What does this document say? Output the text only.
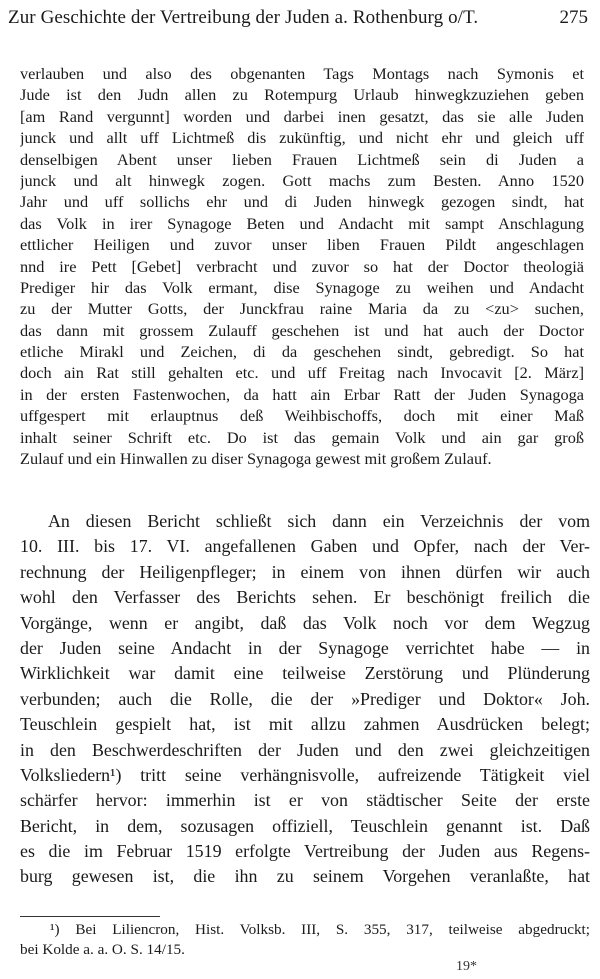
Zur Geschichte der Vertreibung der Juden a. Rothenburg o/T.	275
verlauben und also des obgenanten Tags Montags nach Symonis et
Jude ist den Judn allen zu Rotempurg Urlaub hinwegkzuziehen geben
[am Rand vergunnt] worden und darbei inen gesatzt, das sie alle Juden
junck und allt uff Lichtmeß dis zukünftig, und nicht ehr und gleich uff
denselbigen Abent unser lieben Frauen Lichtmeß sein di Juden a
junck und alt hinwegk zogen. Gott machs zum Besten. Anno 1520
Jahr und uff sollichs ehr und di Juden hinwegk gezogen sindt, hat
das Volk in irer Synagoge Beten und Andacht mit sampt Anschlagung
ettlicher Heiligen und zuvor unser liben Frauen Pildt angeschlagen
nnd ire Pett [Gebet] verbracht und zuvor so hat der Doctor theologiä
Prediger hir das Volk ermant, dise Synagoge zu weihen und Andacht
zu der Mutter Gotts, der Junckfrau raine Maria da zu <zu> suchen,
das dann mit grossem Zulauff geschehen ist und hat auch der Doctor
etliche Mirakl und Zeichen, di da geschehen sindt, gebredigt. So hat
doch ain Rat still gehalten etc. und uff Freitag nach Invocavit [2. März]
in der ersten Fastenwochen, da hatt ain Erbar Ratt der Juden Synagoga
uffgespert mit erlauptnus deß Weihbischoffs, doch mit einer Maß
inhalt seiner Schrift etc. Do ist das gemain Volk und ain gar groß
Zulauf und ein Hinwallen zu diser Synagoga gewest mit großem Zulauf.
An diesen Bericht schließt sich dann ein Verzeichnis der vom
10. III. bis 17. VI. angefallenen Gaben und Opfer, nach der Ver-
rechnung der Heiligenpfleger; in einem von ihnen dürfen wir auch
wohl den Verfasser des Berichts sehen. Er beschönigt freilich die
Vorgänge, wenn er angibt, daß das Volk noch vor dem Wegzug
der Juden seine Andacht in der Synagoge verrichtet habe — in
Wirklichkeit war damit eine teilweise Zerstörung und Plünderung
verbunden; auch die Rolle, die der »Prediger und Doktor« Joh.
Teuschlein gespielt hat, ist mit allzu zahmen Ausdrücken belegt;
in den Beschwerdeschriften der Juden und den zwei gleichzeitigen
Volksliedern¹) tritt seine verhängnisvolle, aufreizende Tätigkeit viel
schärfer hervor: immerhin ist er von städtischer Seite der erste
Bericht, in dem, sozusagen offiziell, Teuschlein genannt ist. Daß
es die im Februar 1519 erfolgte Vertreibung der Juden aus Regens-
burg gewesen ist, die ihn zu seinem Vorgehen veranlaßte, hat
¹) Bei Liliencron, Hist. Volksb. III, S. 355, 317, teilweise abgedruckt;
bei Kolde a. a. O. S. 14/15.
19*
